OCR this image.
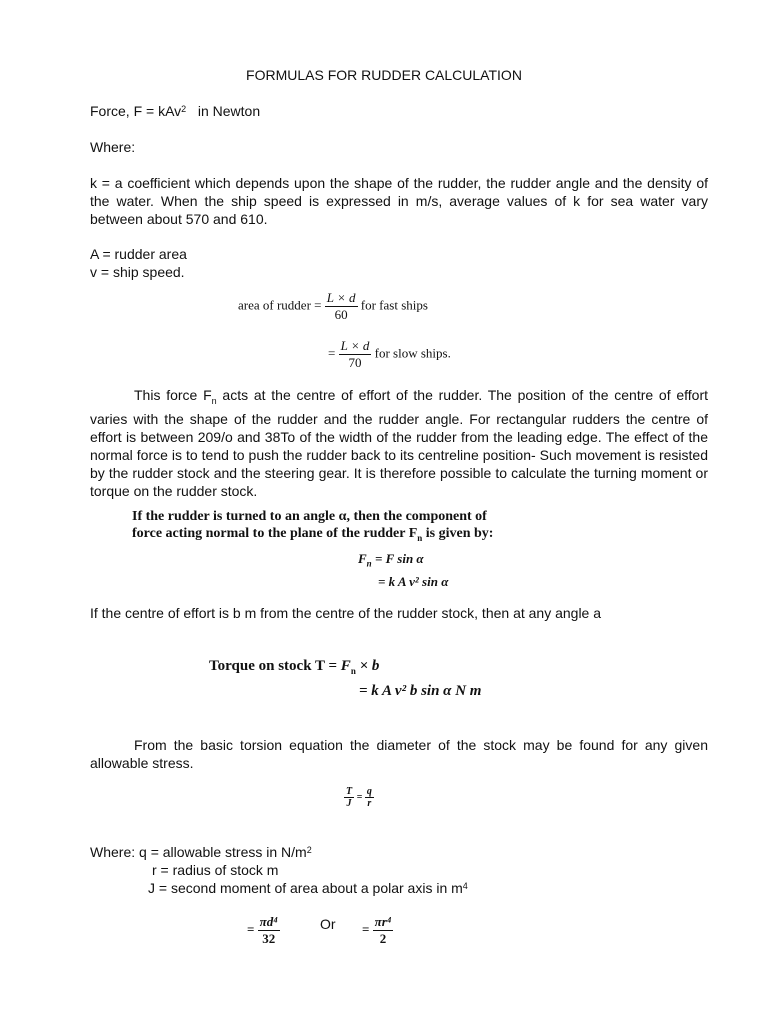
FORMULAS FOR RUDDER CALCULATION
Force, F = kAv$^2$ in Newton
Where:
k = a coefficient which depends upon the shape of the rudder, the rudder angle and the density of the water. When the ship speed is expressed in m/s, average values of k for sea water vary between about 570 and 610.
A = rudder area
v = ship speed.
area of rudder = $\frac{L \times d}{60}$ for fast ships
= $\frac{L \times d}{70}$ for slow ships.
This force $F_n$ acts at the centre of effort of the rudder. The position of the centre of effort varies with the shape of the rudder and the rudder angle. For rectangular rudders the centre of effort is between 209/o and 38To of the width of the rudder from the leading edge. The effect of the normal force is to tend to push the rudder back to its centreline position- Such movement is resisted by the rudder stock and the steering gear. It is therefore possible to calculate the turning moment or torque on the rudder stock.
If the rudder is turned to an angle α, then the component of
force acting normal to the plane of the rudder $F_n$ is given by:
$F_n = F$ sin α
= k A v² sin α
If the centre of effort is b m from the centre of the rudder stock, then at any angle a
Torque on stock $T = F_n \times b$
= k A v² b sin α N m
From the basic torsion equation the diameter of the stock may be found for any given allowable stress.
$\frac{T}{J} = \frac{q}{r}$
Where: q = allowable stress in $N/m^2$
r = radius of stock m
J = second moment of area about a polar axis in $m^4$
= $\frac{\text{πd⁴}}{32}$	$Or = \frac{\text{πr⁴}}{2}$
